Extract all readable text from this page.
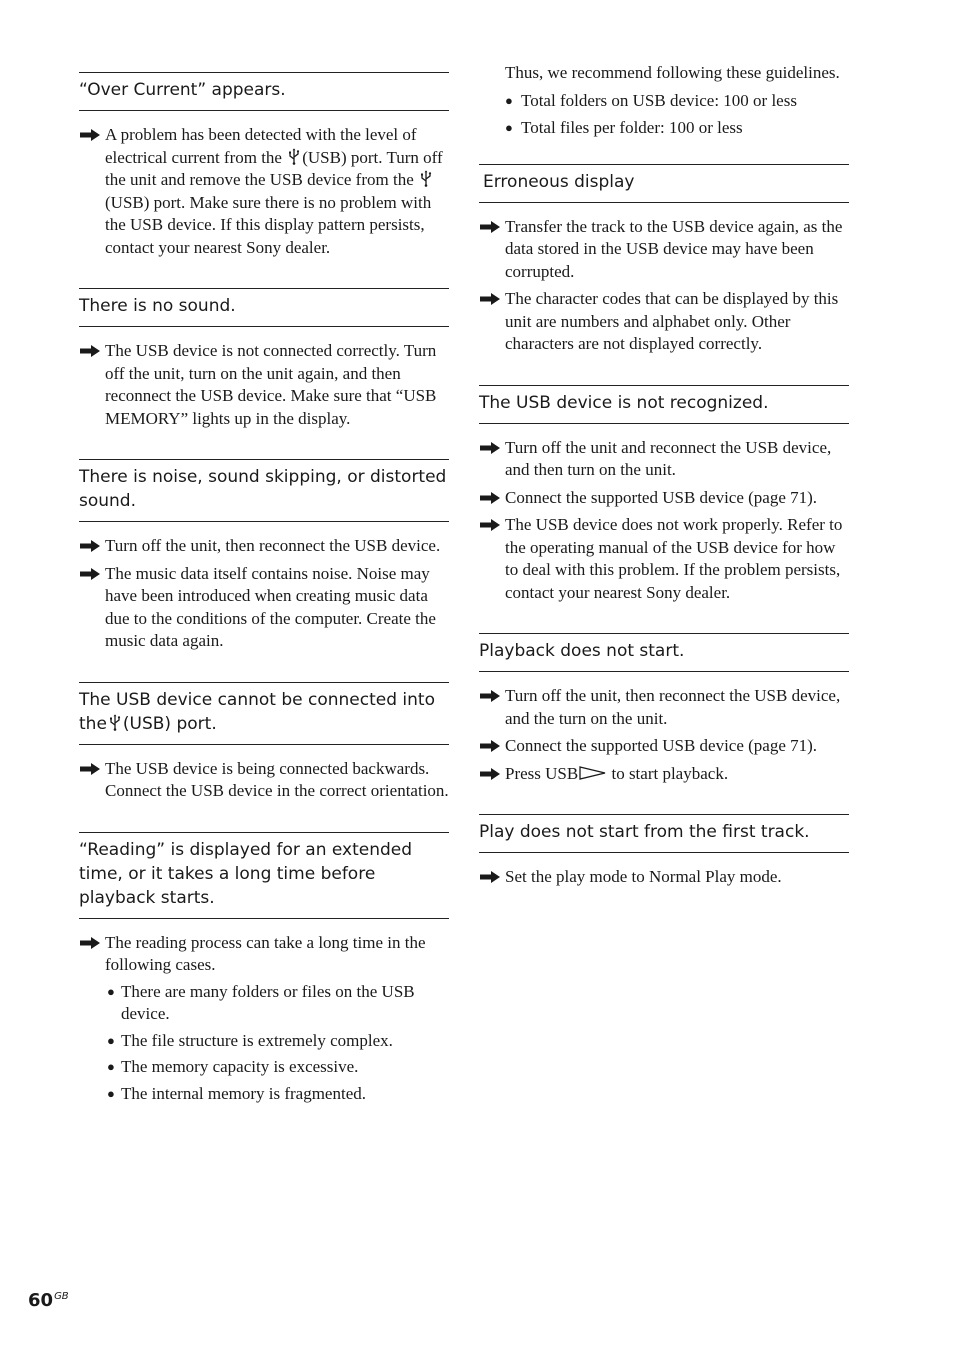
“Over Current” appears.
A problem has been detected with the level of electrical current from the (USB) port. Turn off the unit and remove the USB device from the (USB) port. Make sure there is no problem with the USB device. If this display pattern persists, contact your nearest Sony dealer.
There is no sound.
The USB device is not connected correctly. Turn off the unit, turn on the unit again, and then reconnect the USB device. Make sure that “USB MEMORY” lights up in the display.
There is noise, sound skipping, or distorted sound.
Turn off the unit, then reconnect the USB device.
The music data itself contains noise. Noise may have been introduced when creating music data due to the conditions of the computer. Create the music data again.
The USB device cannot be connected into the (USB) port.
The USB device is being connected backwards. Connect the USB device in the correct orientation.
“Reading” is displayed for an extended time, or it takes a long time before playback starts.
The reading process can take a long time in the following cases.
● There are many folders or files on the USB device.
● The file structure is extremely complex.
● The memory capacity is excessive.
● The internal memory is fragmented.
Thus, we recommend following these guidelines.
● Total folders on USB device: 100 or less
● Total files per folder: 100 or less
Erroneous display
Transfer the track to the USB device again, as the data stored in the USB device may have been corrupted.
The character codes that can be displayed by this unit are numbers and alphabet only. Other characters are not displayed correctly.
The USB device is not recognized.
Turn off the unit and reconnect the USB device, and then turn on the unit.
Connect the supported USB device (page 71).
The USB device does not work properly. Refer to the operating manual of the USB device for how to deal with this problem. If the problem persists, contact your nearest Sony dealer.
Playback does not start.
Turn off the unit, then reconnect the USB device, and the turn on the unit.
Connect the supported USB device (page 71).
Press USB to start playback.
Play does not start from the first track.
Set the play mode to Normal Play mode.
$60^{GB}$
